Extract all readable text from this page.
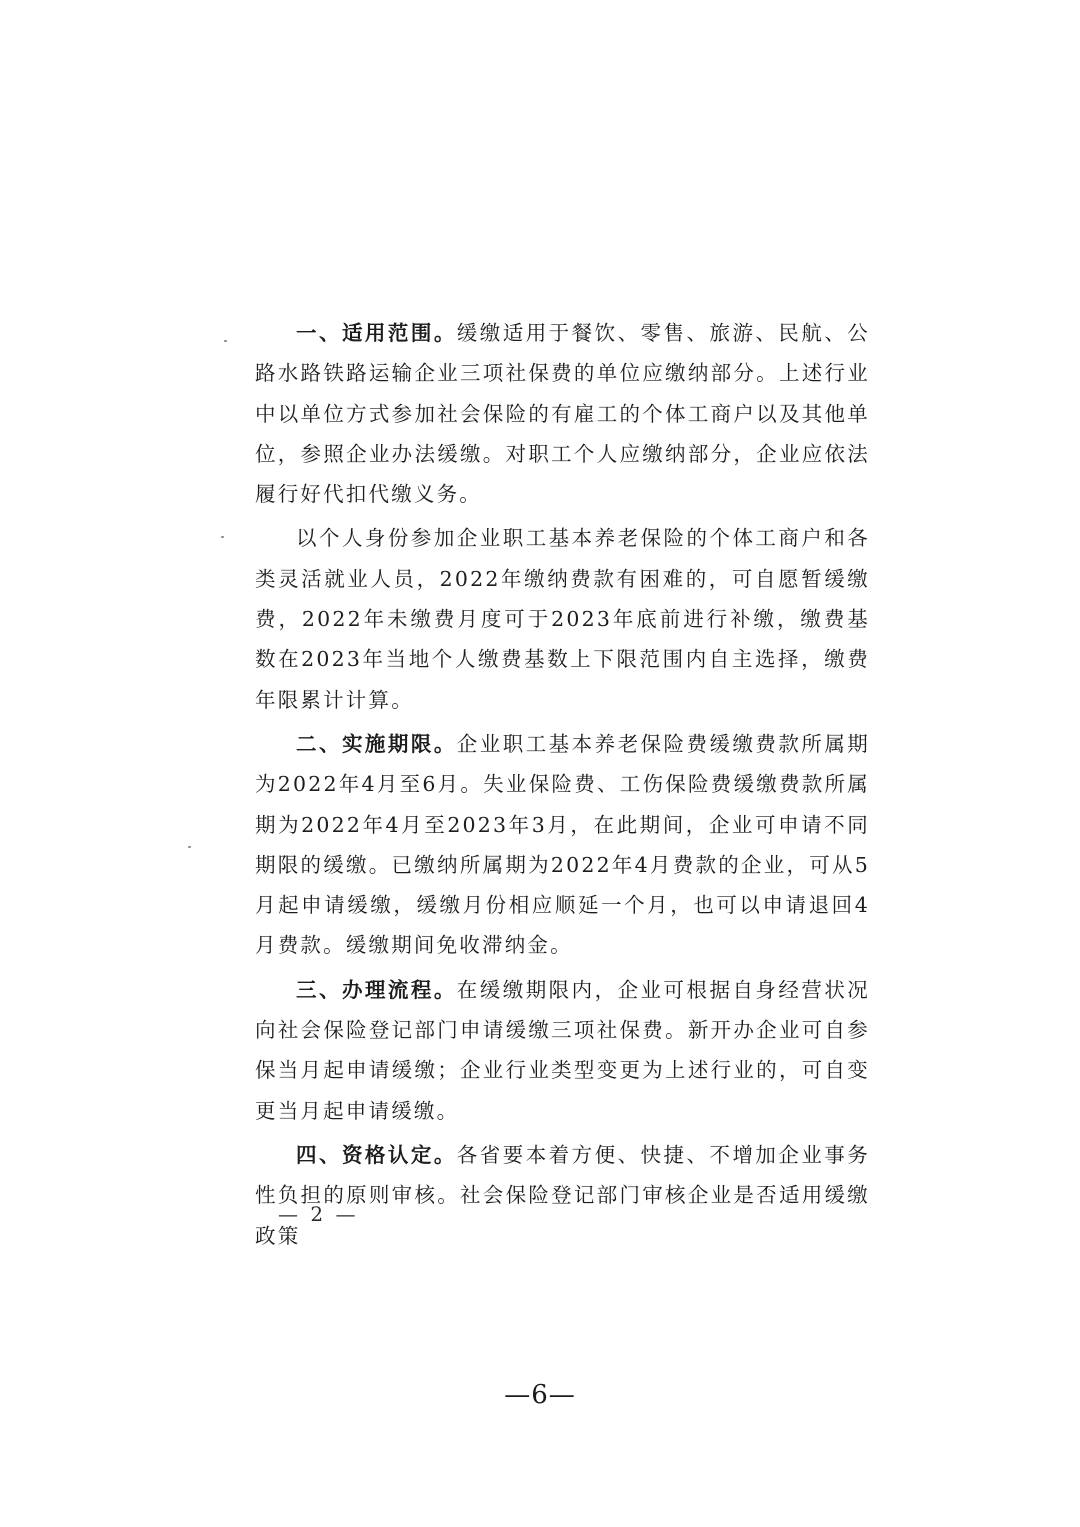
一、适用范围。缓缴适用于餐饮、零售、旅游、民航、公路水路铁路运输企业三项社保费的单位应缴纳部分。上述行业中以单位方式参加社会保险的有雇工的个体工商户以及其他单位，参照企业办法缓缴。对职工个人应缴纳部分，企业应依法履行好代扣代缴义务。

以个人身份参加企业职工基本养老保险的个体工商户和各类灵活就业人员，2022年缴纳费款有困难的，可自愿暂缓缴费，2022年未缴费月度可于2023年底前进行补缴，缴费基数在2023年当地个人缴费基数上下限范围内自主选择，缴费年限累计计算。

二、实施期限。企业职工基本养老保险费缓缴费款所属期为2022年4月至6月。失业保险费、工伤保险费缓缴费款所属期为2022年4月至2023年3月，在此期间，企业可申请不同期限的缓缴。已缴纳所属期为2022年4月费款的企业，可从5月起申请缓缴，缓缴月份相应顺延一个月，也可以申请退回4月费款。缓缴期间免收滞纳金。

三、办理流程。在缓缴期限内，企业可根据自身经营状况向社会保险登记部门申请缓缴三项社保费。新开办企业可自参保当月起申请缓缴；企业行业类型变更为上述行业的，可自变更当月起申请缓缴。

四、资格认定。各省要本着方便、快捷、不增加企业事务性负担的原则审核。社会保险登记部门审核企业是否适用缓缴政策

— 2 —
—6—
